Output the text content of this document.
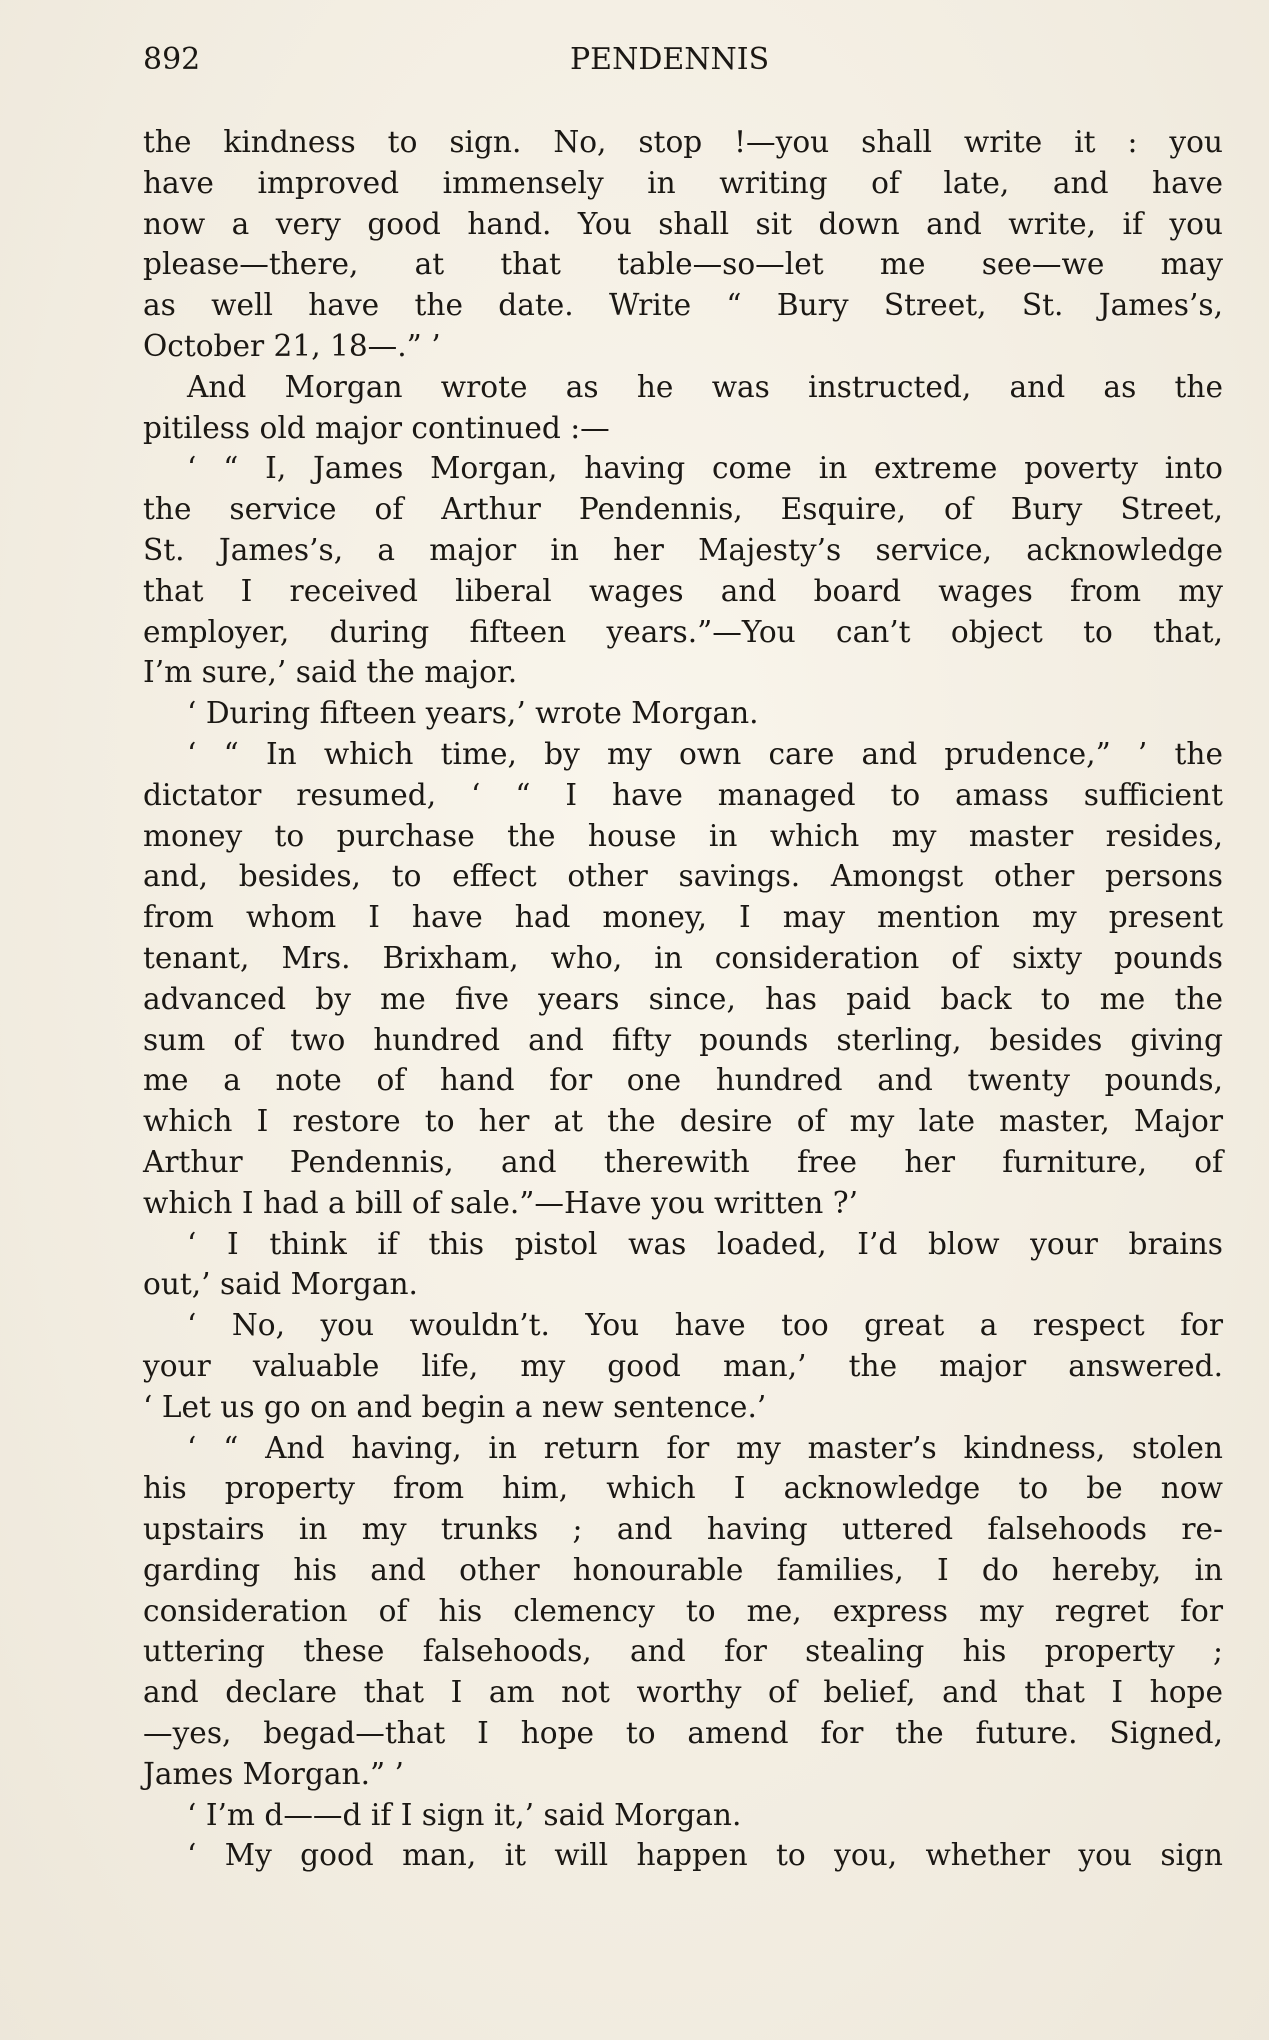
892	PENDENNIS
the kindness to sign. No, stop !—you shall write it : you
have improved immensely in writing of late, and have
now a very good hand. You shall sit down and write, if you
please—there, at that table—so—let me see—we may
as well have the date. Write “ Bury Street, St. James’s,
October 21, 18—.” ’
And Morgan wrote as he was instructed, and as the
pitiless old major continued :—
‘ “ I, James Morgan, having come in extreme poverty into
the service of Arthur Pendennis, Esquire, of Bury Street,
St. James’s, a major in her Majesty’s service, acknowledge
that I received liberal wages and board wages from my
employer, during fifteen years.”—You can’t object to that,
I’m sure,’ said the major.
‘ During fifteen years,’ wrote Morgan.
‘ “ In which time, by my own care and prudence,” ’ the
dictator resumed, ‘ “ I have managed to amass sufficient
money to purchase the house in which my master resides,
and, besides, to effect other savings. Amongst other persons
from whom I have had money, I may mention my present
tenant, Mrs. Brixham, who, in consideration of sixty pounds
advanced by me five years since, has paid back to me the
sum of two hundred and fifty pounds sterling, besides giving
me a note of hand for one hundred and twenty pounds,
which I restore to her at the desire of my late master, Major
Arthur Pendennis, and therewith free her furniture, of
which I had a bill of sale.”—Have you written ?’
‘ I think if this pistol was loaded, I’d blow your brains
out,’ said Morgan.
‘ No, you wouldn’t. You have too great a respect for
your valuable life, my good man,’ the major answered.
‘ Let us go on and begin a new sentence.’
‘ “ And having, in return for my master’s kindness, stolen
his property from him, which I acknowledge to be now
upstairs in my trunks ; and having uttered falsehoods re-
garding his and other honourable families, I do hereby, in
consideration of his clemency to me, express my regret for
uttering these falsehoods, and for stealing his property ;
and declare that I am not worthy of belief, and that I hope
—yes, begad—that I hope to amend for the future. Signed,
James Morgan.” ’
‘ I’m d——d if I sign it,’ said Morgan.
‘ My good man, it will happen to you, whether you sign
